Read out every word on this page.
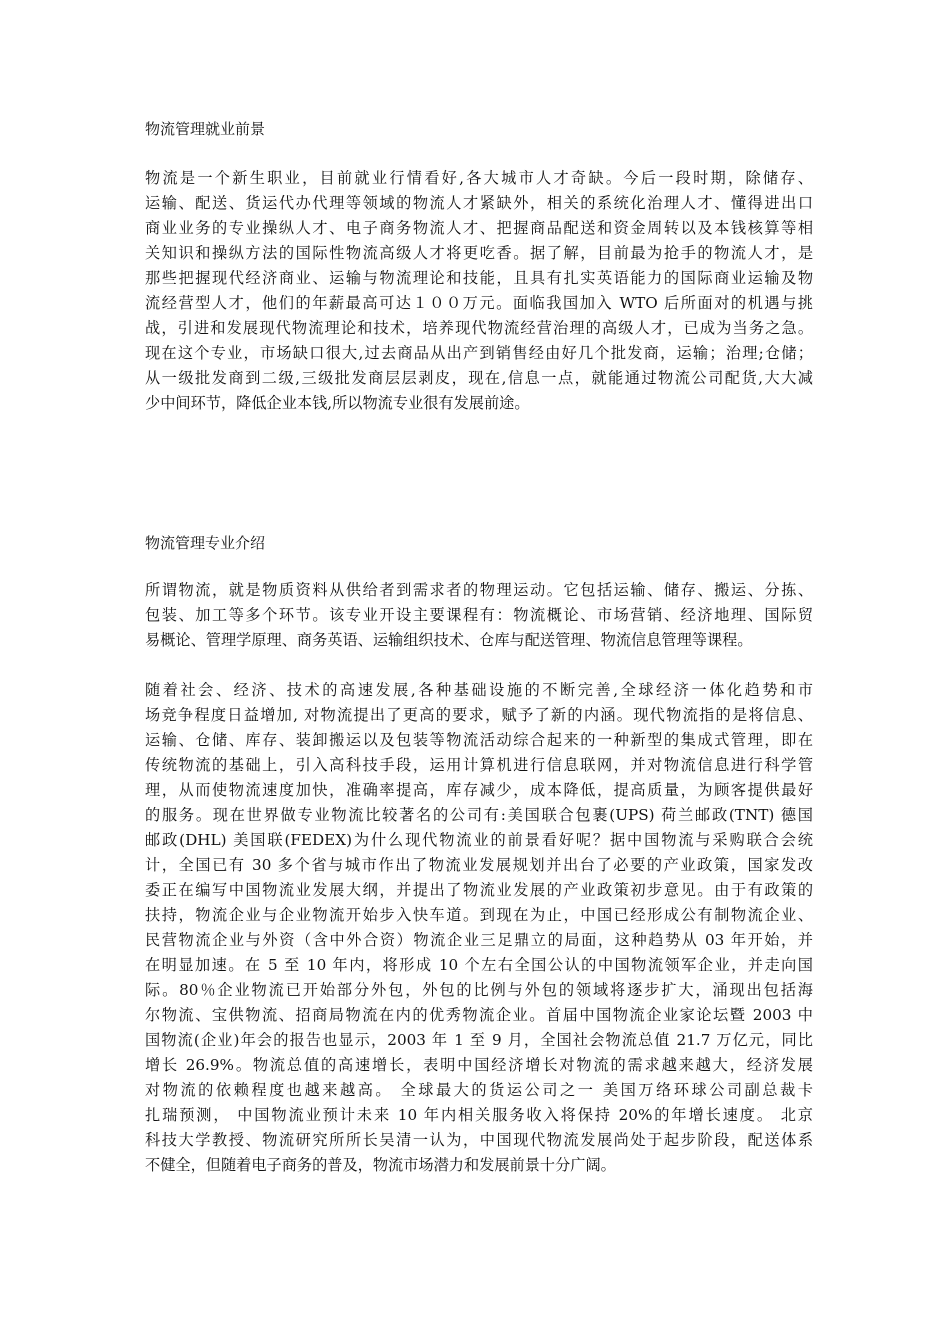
物流管理就业前景
物流是一个新生职业，目前就业行情看好,各大城市人才奇缺。今后一段时期，除储存、
运输、配送、货运代办代理等领域的物流人才紧缺外，相关的系统化治理人才、懂得进出口
商业业务的专业操纵人才、电子商务物流人才、把握商品配送和资金周转以及本钱核算等相
关知识和操纵方法的国际性物流高级人才将更吃香。据了解，目前最为抢手的物流人才，是
那些把握现代经济商业、运输与物流理论和技能，且具有扎实英语能力的国际商业运输及物
流经营型人才，他们的年薪最高可达１００万元。面临我国加入 WTO 后所面对的机遇与挑
战，引进和发展现代物流理论和技术，培养现代物流经营治理的高级人才，已成为当务之急。
现在这个专业，市场缺口很大,过去商品从出产到销售经由好几个批发商，运输；治理;仓储；
从一级批发商到二级,三级批发商层层剥皮，现在,信息一点，就能通过物流公司配货,大大减
少中间环节，降低企业本钱,所以物流专业很有发展前途。
物流管理专业介绍
所谓物流，就是物质资料从供给者到需求者的物理运动。它包括运输、储存、搬运、分拣、
包装、加工等多个环节。该专业开设主要课程有：物流概论、市场营销、经济地理、国际贸
易概论、管理学原理、商务英语、运输组织技术、仓库与配送管理、物流信息管理等课程。
随着社会、经济、技术的高速发展,各种基础设施的不断完善,全球经济一体化趋势和市
场竞争程度日益增加, 对物流提出了更高的要求，赋予了新的内涵。现代物流指的是将信息、
运输、仓储、库存、装卸搬运以及包装等物流活动综合起来的一种新型的集成式管理，即在
传统物流的基础上，引入高科技手段，运用计算机进行信息联网，并对物流信息进行科学管
理，从而使物流速度加快，准确率提高，库存减少，成本降低，提高质量，为顾客提供最好
的服务。现在世界做专业物流比较著名的公司有:美国联合包裹(UPS) 荷兰邮政(TNT) 德国
邮政(DHL) 美国联(FEDEX)为什么现代物流业的前景看好呢？据中国物流与采购联合会统
计，全国已有 30 多个省与城市作出了物流业发展规划并出台了必要的产业政策，国家发改
委正在编写中国物流业发展大纲，并提出了物流业发展的产业政策初步意见。由于有政策的
扶持，物流企业与企业物流开始步入快车道。到现在为止，中国已经形成公有制物流企业、
民营物流企业与外资（含中外合资）物流企业三足鼎立的局面，这种趋势从 03 年开始，并
在明显加速。在 5 至 10 年内，将形成 10 个左右全国公认的中国物流领军企业，并走向国
际。80％企业物流已开始部分外包，外包的比例与外包的领域将逐步扩大，涌现出包括海
尔物流、宝供物流、招商局物流在内的优秀物流企业。首届中国物流企业家论坛暨 2003 中
国物流(企业)年会的报告也显示，2003 年 1 至 9 月，全国社会物流总值 21.7 万亿元，同比
增长 26.9%。物流总值的高速增长，表明中国经济增长对物流的需求越来越大，经济发展
对物流的依赖程度也越来越高。 全球最大的货运公司之一 美国万络环球公司副总裁卡
扎瑞预测， 中国物流业预计未来 10 年内相关服务收入将保持 20%的年增长速度。 北京
科技大学教授、物流研究所所长吴清一认为，中国现代物流发展尚处于起步阶段，配送体系
不健全，但随着电子商务的普及，物流市场潜力和发展前景十分广阔。
